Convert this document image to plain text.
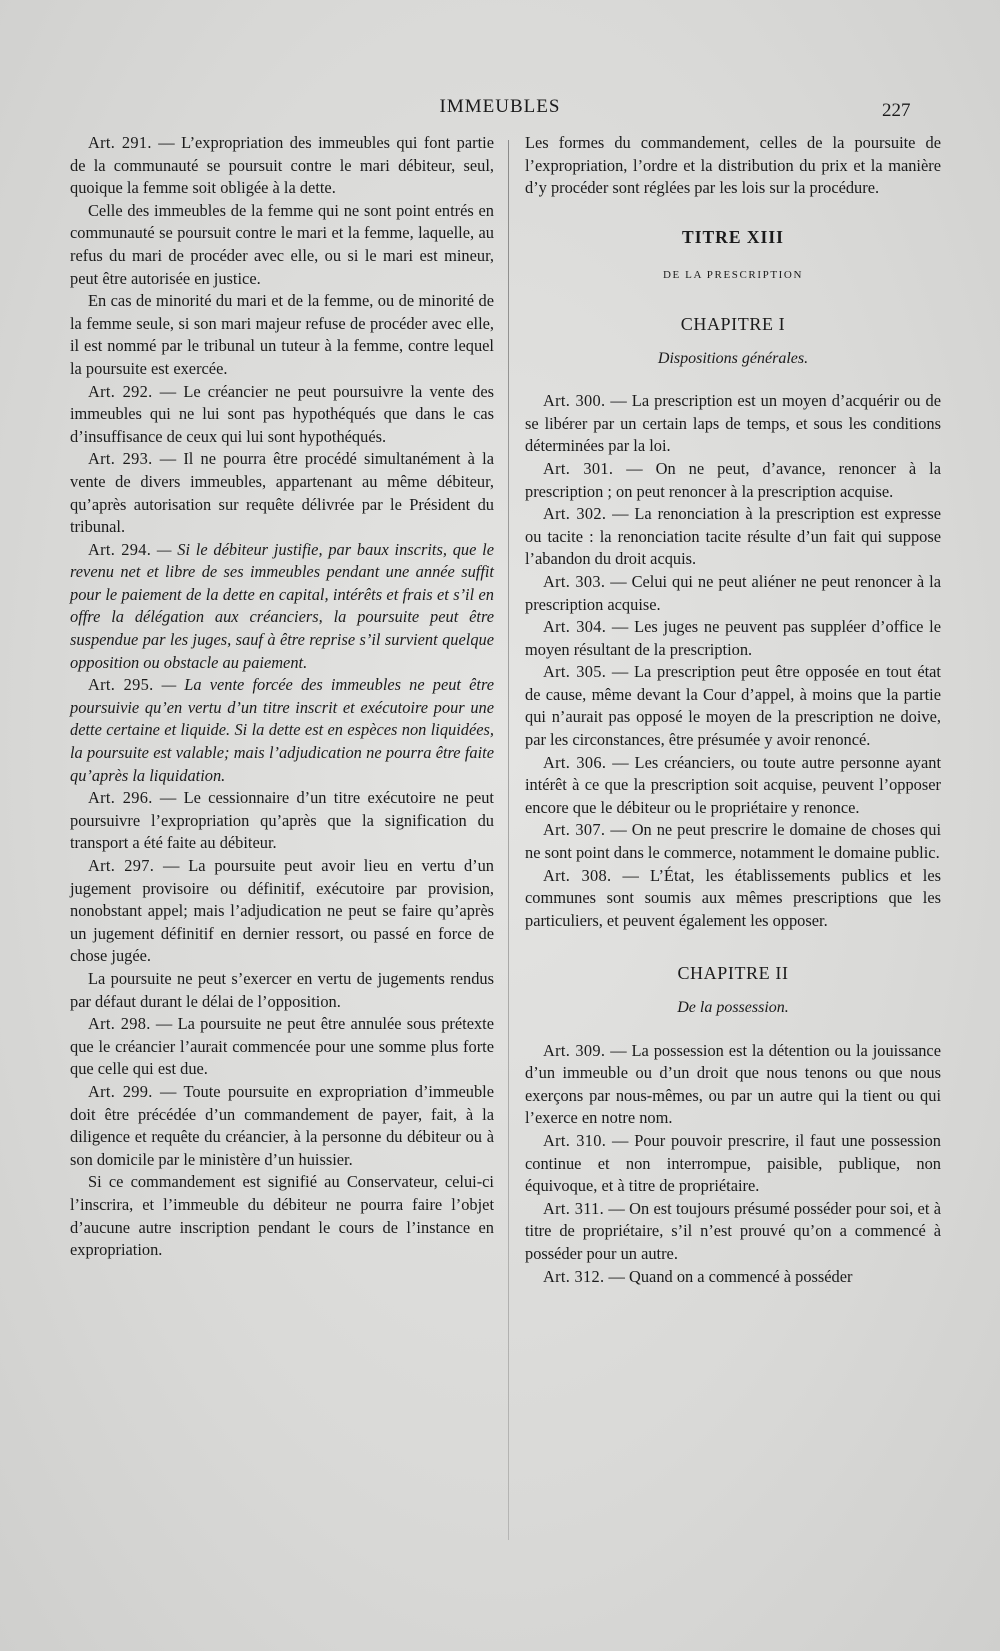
IMMEUBLES	227

Art. 291. — L’expropriation des immeubles qui font partie de la communauté se poursuit contre le mari débiteur, seul, quoique la femme soit obligée à la dette.

Celle des immeubles de la femme qui ne sont point entrés en communauté se poursuit contre le mari et la femme, laquelle, au refus du mari de procéder avec elle, ou si le mari est mineur, peut être autorisée en justice.

En cas de minorité du mari et de la femme, ou de minorité de la femme seule, si son mari majeur refuse de procéder avec elle, il est nommé par le tribunal un tuteur à la femme, contre lequel la poursuite est exercée.

Art. 292. — Le créancier ne peut poursuivre la vente des immeubles qui ne lui sont pas hypothéqués que dans le cas d’insuffisance de ceux qui lui sont hypothéqués.

Art. 293. — Il ne pourra être procédé simultanément à la vente de divers immeubles, appartenant au même débiteur, qu’après autorisation sur requête délivrée par le Président du tribunal.

Art. 294. — Si le débiteur justifie, par baux inscrits, que le revenu net et libre de ses immeubles pendant une année suffit pour le paiement de la dette en capital, intérêts et frais et s’il en offre la délégation aux créanciers, la poursuite peut être suspendue par les juges, sauf à être reprise s’il survient quelque opposition ou obstacle au paiement.

Art. 295. — La vente forcée des immeubles ne peut être poursuivie qu’en vertu d’un titre inscrit et exécutoire pour une dette certaine et liquide. Si la dette est en espèces non liquidées, la poursuite est valable; mais l’adjudication ne pourra être faite qu’après la liquidation.

Art. 296. — Le cessionnaire d’un titre exécutoire ne peut poursuivre l’expropriation qu’après que la signification du transport a été faite au débiteur.

Art. 297. — La poursuite peut avoir lieu en vertu d’un jugement provisoire ou définitif, exécutoire par provision, nonobstant appel; mais l’adjudication ne peut se faire qu’après un jugement définitif en dernier ressort, ou passé en force de chose jugée.

La poursuite ne peut s’exercer en vertu de jugements rendus par défaut durant le délai de l’opposition.

Art. 298. — La poursuite ne peut être annulée sous prétexte que le créancier l’aurait commencée pour une somme plus forte que celle qui est due.

Art. 299. — Toute poursuite en expropriation d’immeuble doit être précédée d’un commandement de payer, fait, à la diligence et requête du créancier, à la personne du débiteur ou à son domicile par le ministère d’un huissier.

Si ce commandement est signifié au Conservateur, celui-ci l’inscrira, et l’immeuble du débiteur ne pourra faire l’objet d’aucune autre inscription pendant le cours de l’instance en expropriation.

Les formes du commandement, celles de la poursuite de l’expropriation, l’ordre et la distribution du prix et la manière d’y procéder sont réglées par les lois sur la procédure.

TITRE XIII
DE LA PRESCRIPTION
CHAPITRE I
Dispositions générales.

Art. 300. — La prescription est un moyen d’acquérir ou de se libérer par un certain laps de temps, et sous les conditions déterminées par la loi.

Art. 301. — On ne peut, d’avance, renoncer à la prescription ; on peut renoncer à la prescription acquise.

Art. 302. — La renonciation à la prescription est expresse ou tacite : la renonciation tacite résulte d’un fait qui suppose l’abandon du droit acquis.

Art. 303. — Celui qui ne peut aliéner ne peut renoncer à la prescription acquise.

Art. 304. — Les juges ne peuvent pas suppléer d’office le moyen résultant de la prescription.

Art. 305. — La prescription peut être opposée en tout état de cause, même devant la Cour d’appel, à moins que la partie qui n’aurait pas opposé le moyen de la prescription ne doive, par les circonstances, être présumée y avoir renoncé.

Art. 306. — Les créanciers, ou toute autre personne ayant intérêt à ce que la prescription soit acquise, peuvent l’opposer encore que le débiteur ou le propriétaire y renonce.

Art. 307. — On ne peut prescrire le domaine de choses qui ne sont point dans le commerce, notamment le domaine public.

Art. 308. — L’État, les établissements publics et les communes sont soumis aux mêmes prescriptions que les particuliers, et peuvent également les opposer.

CHAPITRE II
De la possession.

Art. 309. — La possession est la détention ou la jouissance d’un immeuble ou d’un droit que nous tenons ou que nous exerçons par nous-mêmes, ou par un autre qui la tient ou qui l’exerce en notre nom.

Art. 310. — Pour pouvoir prescrire, il faut une possession continue et non interrompue, paisible, publique, non équivoque, et à titre de propriétaire.

Art. 311. — On est toujours présumé posséder pour soi, et à titre de propriétaire, s’il n’est prouvé qu’on a commencé à posséder pour un autre.

Art. 312. — Quand on a commencé à posséder
